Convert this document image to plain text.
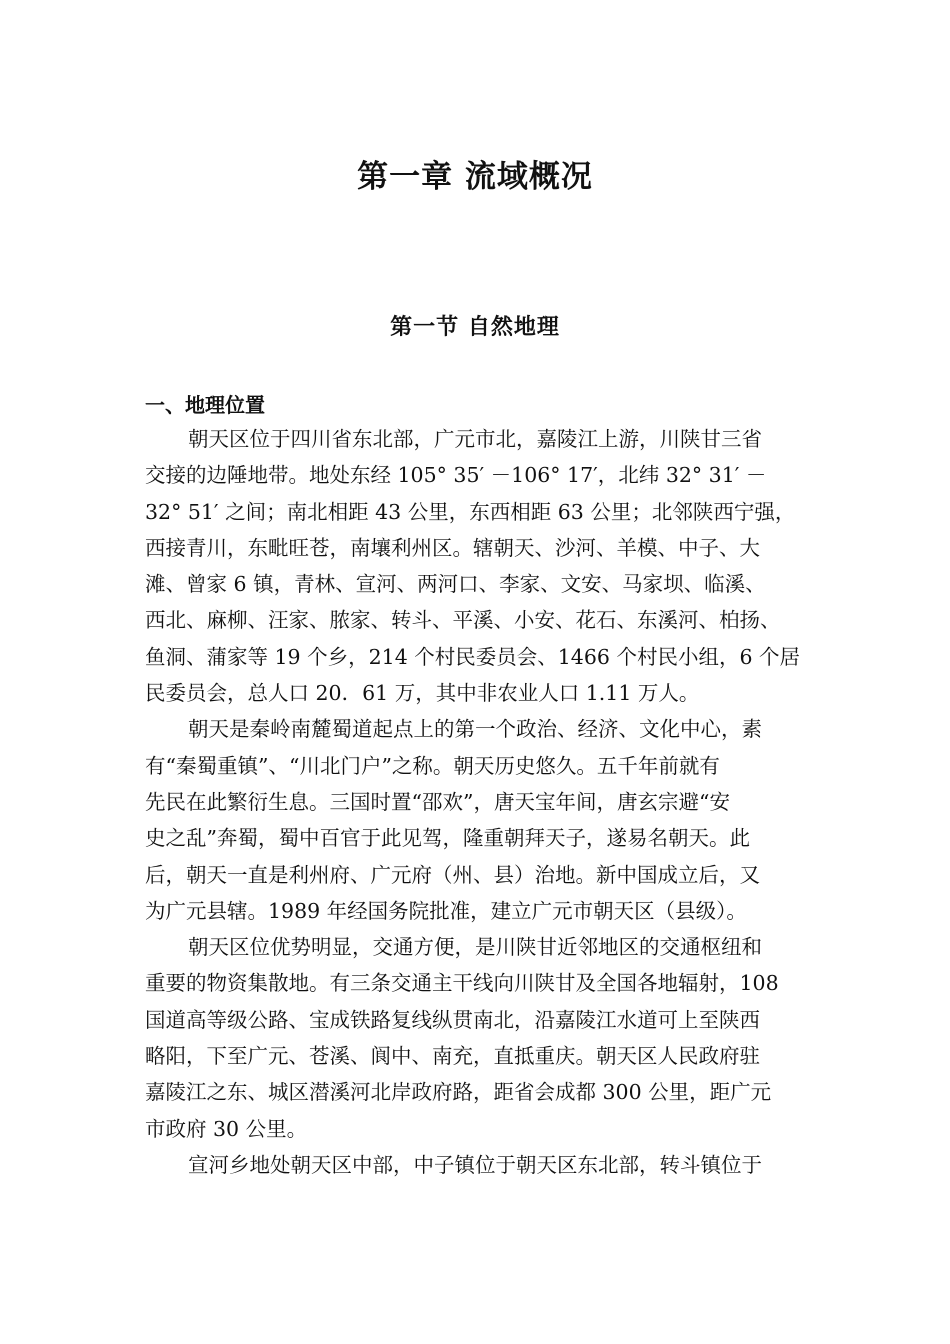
第一章 流域概况
第一节 自然地理
一、地理位置
朝天区位于四川省东北部，广元市北，嘉陵江上游，川陕甘三省
交接的边陲地带。地处东经 105° 35′ －106° 17′，北纬 32° 31′ －
32° 51′ 之间；南北相距 43 公里，东西相距 63 公里；北邻陕西宁强，
西接青川，东毗旺苍，南壤利州区。辖朝天、沙河、羊模、中子、大
滩、曾家 6 镇，青林、宣河、两河口、李家、文安、马家坝、临溪、
西北、麻柳、汪家、脓家、转斗、平溪、小安、花石、东溪河、柏扬、
鱼洞、蒲家等 19 个乡，214 个村民委员会、1466 个村民小组，6 个居
民委员会，总人口 20．61 万，其中非农业人口 1.11 万人。
朝天是秦岭南麓蜀道起点上的第一个政治、经济、文化中心，素
有“秦蜀重镇”、“川北门户”之称。朝天历史悠久。五千年前就有
先民在此繁衍生息。三国时置“邵欢”，唐天宝年间，唐玄宗避“安
史之乱”奔蜀，蜀中百官于此见驾，隆重朝拜天子，遂易名朝天。此
后，朝天一直是利州府、广元府（州、县）治地。新中国成立后，又
为广元县辖。1989 年经国务院批准，建立广元市朝天区（县级）。
朝天区位优势明显，交通方便，是川陕甘近邻地区的交通枢纽和
重要的物资集散地。有三条交通主干线向川陕甘及全国各地辐射，108
国道高等级公路、宝成铁路复线纵贯南北，沿嘉陵江水道可上至陕西
略阳，下至广元、苍溪、阆中、南充，直抵重庆。朝天区人民政府驻
嘉陵江之东、城区潜溪河北岸政府路，距省会成都 300 公里，距广元
市政府 30 公里。
宣河乡地处朝天区中部，中子镇位于朝天区东北部，转斗镇位于
